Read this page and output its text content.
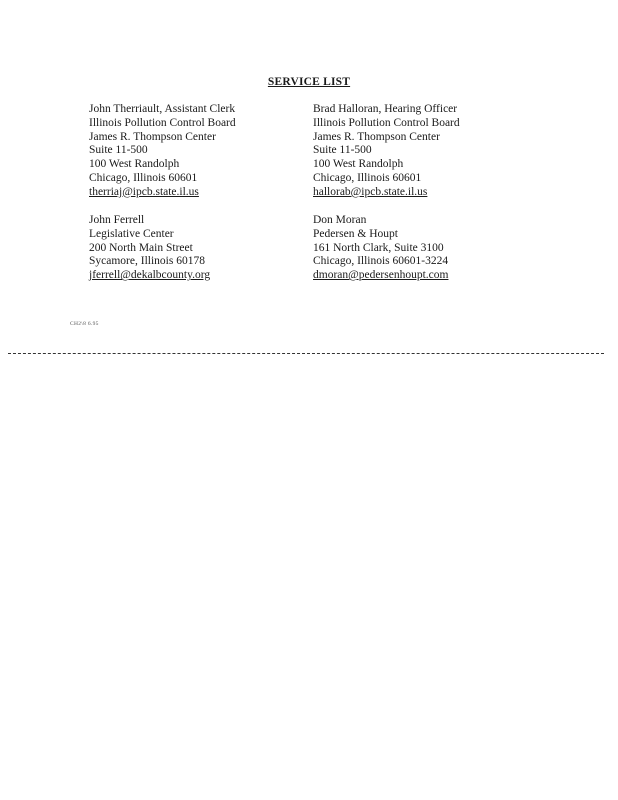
SERVICE LIST
John Therriault, Assistant Clerk
Illinois Pollution Control Board
James R. Thompson Center
Suite 11-500
100 West Randolph
Chicago, Illinois 60601
therriaj@ipcb.state.il.us
Brad Halloran, Hearing Officer
Illinois Pollution Control Board
James R. Thompson Center
Suite 11-500
100 West Randolph
Chicago, Illinois 60601
hallorab@ipcb.state.il.us
John Ferrell
Legislative Center
200 North Main Street
Sycamore, Illinois 60178
jferrell@dekalbcounty.org
Don Moran
Pedersen & Houpt
161 North Clark, Suite 3100
Chicago, Illinois 60601-3224
dmoran@pedersenhoupt.com
CH2\8 6.95
